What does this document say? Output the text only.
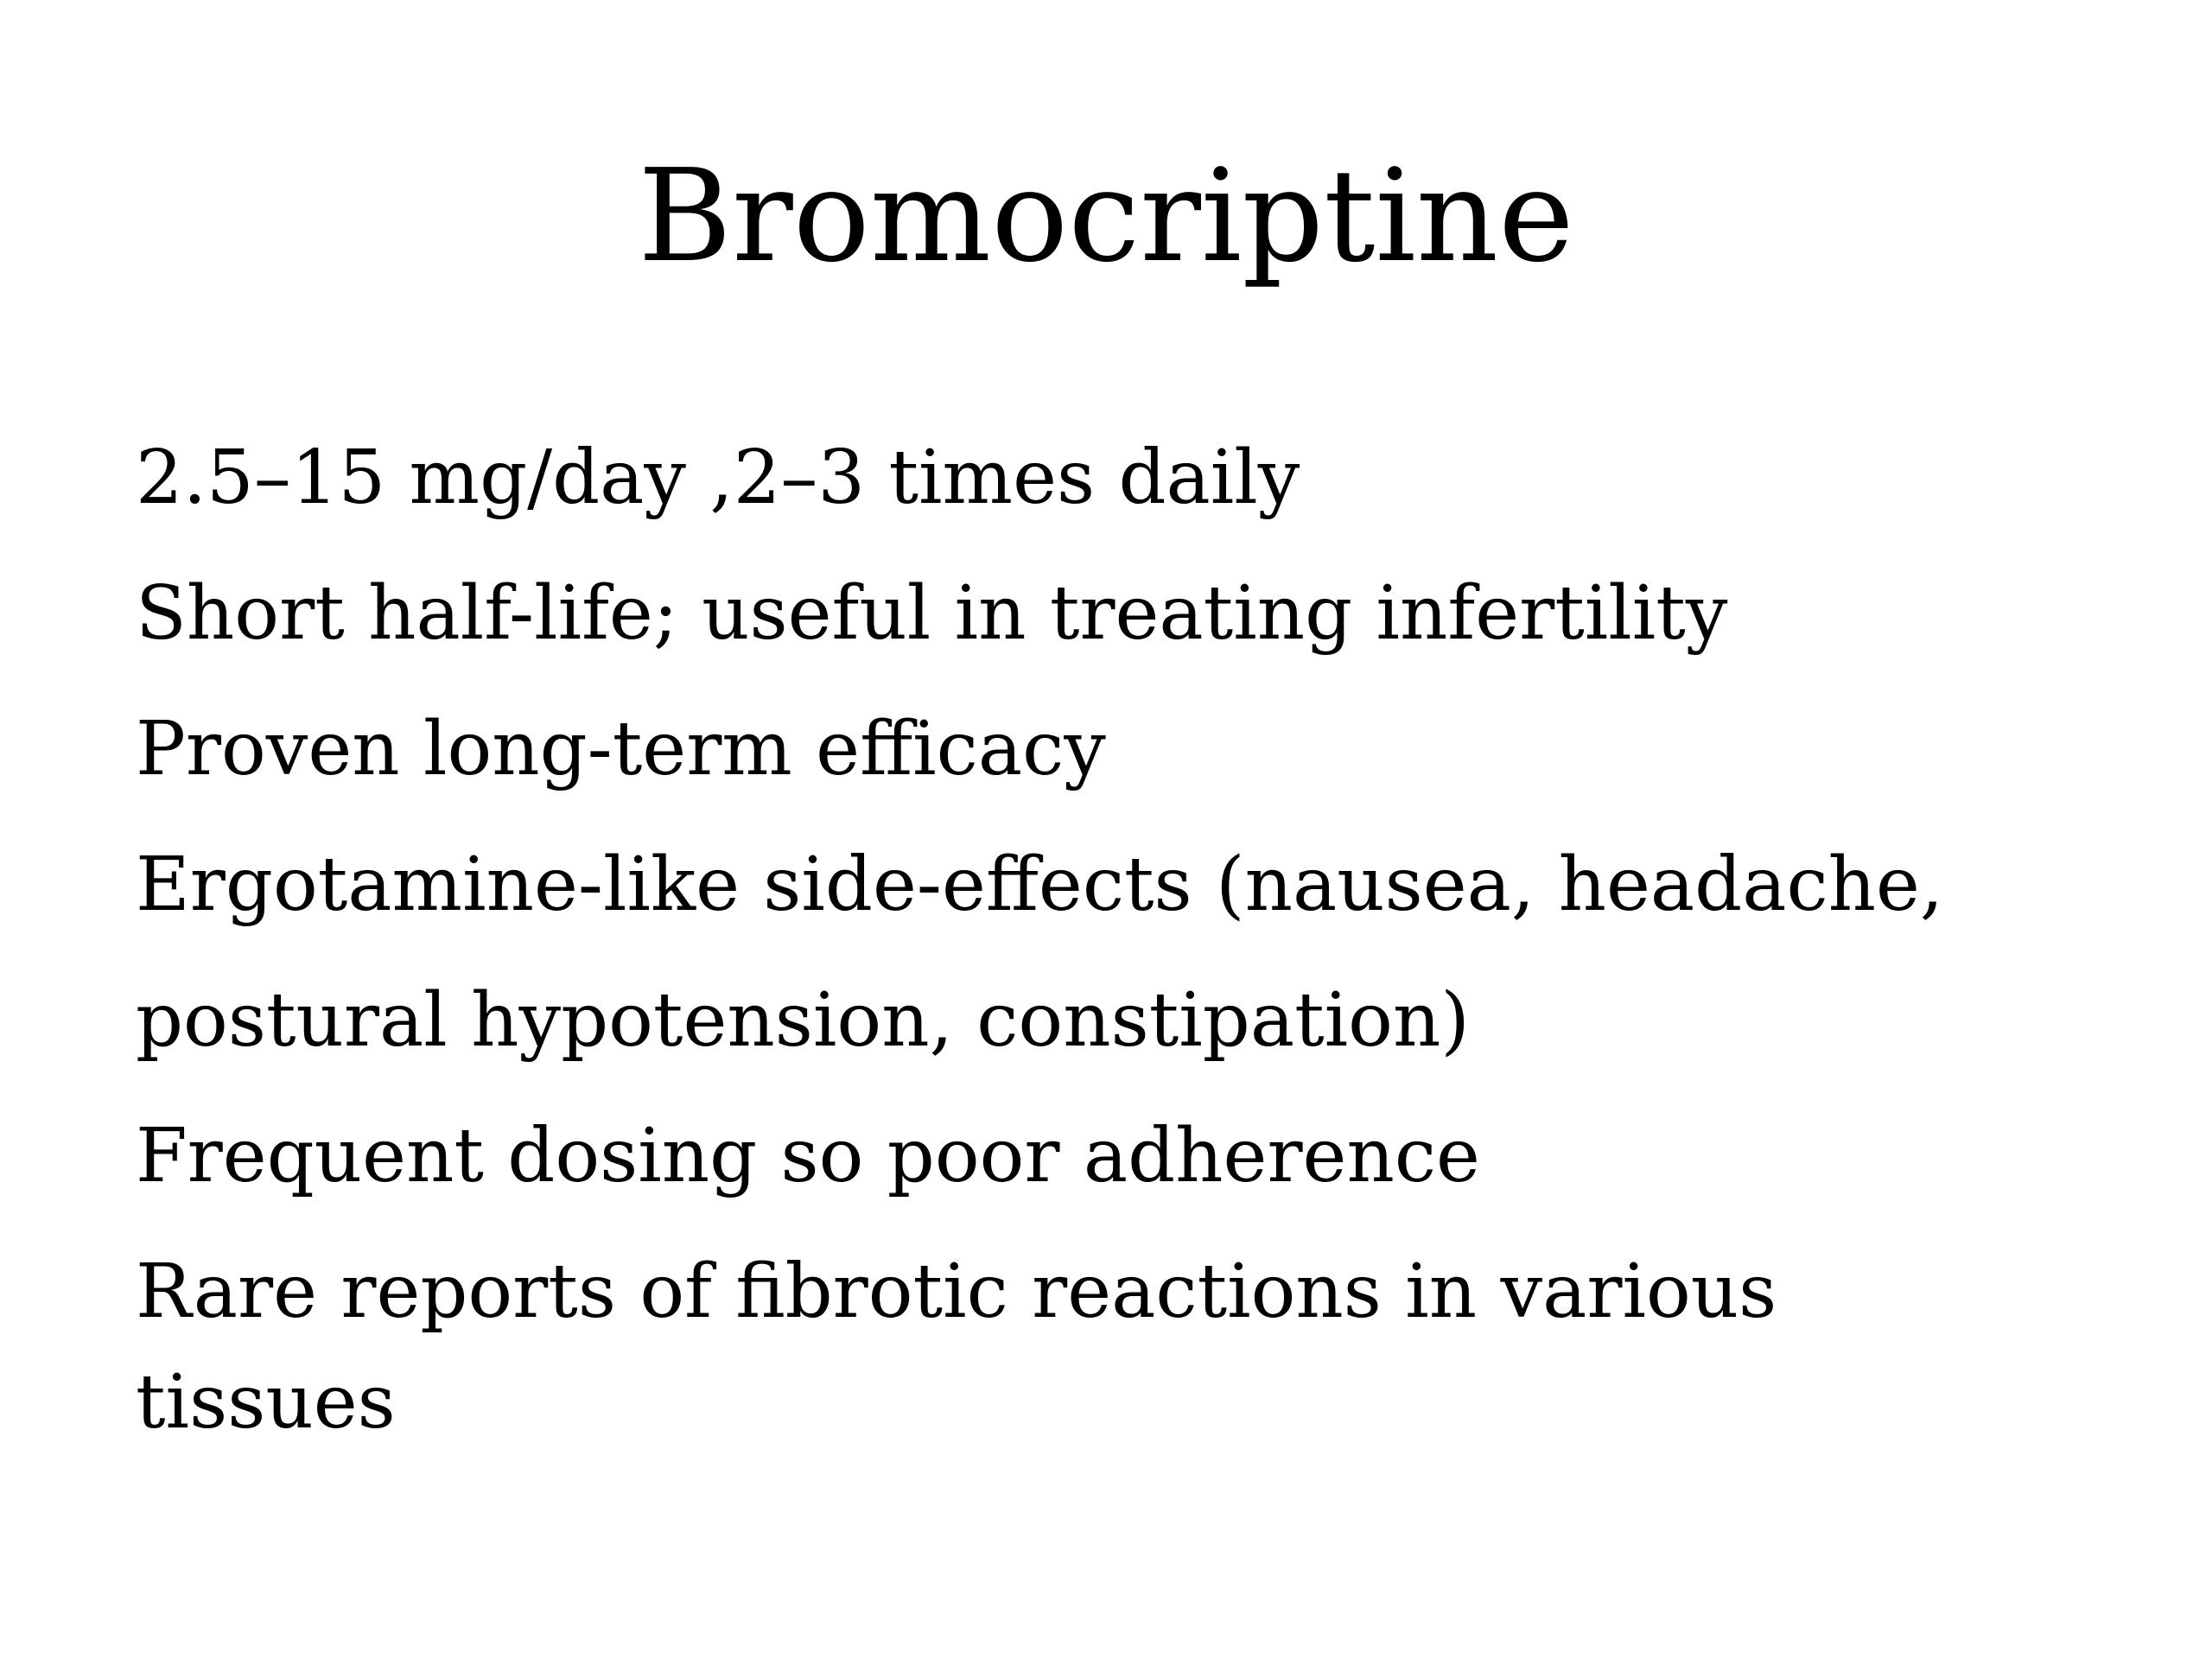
Bromocriptine
2.5–15 mg/day ,2–3 times daily
Short half-life; useful in treating infertility
Proven long-term efficacy
Ergotamine-like side-effects (nausea, headache,
postural hypotension, constipation)
Frequent dosing so poor adherence
Rare reports of fibrotic reactions in various tissues
